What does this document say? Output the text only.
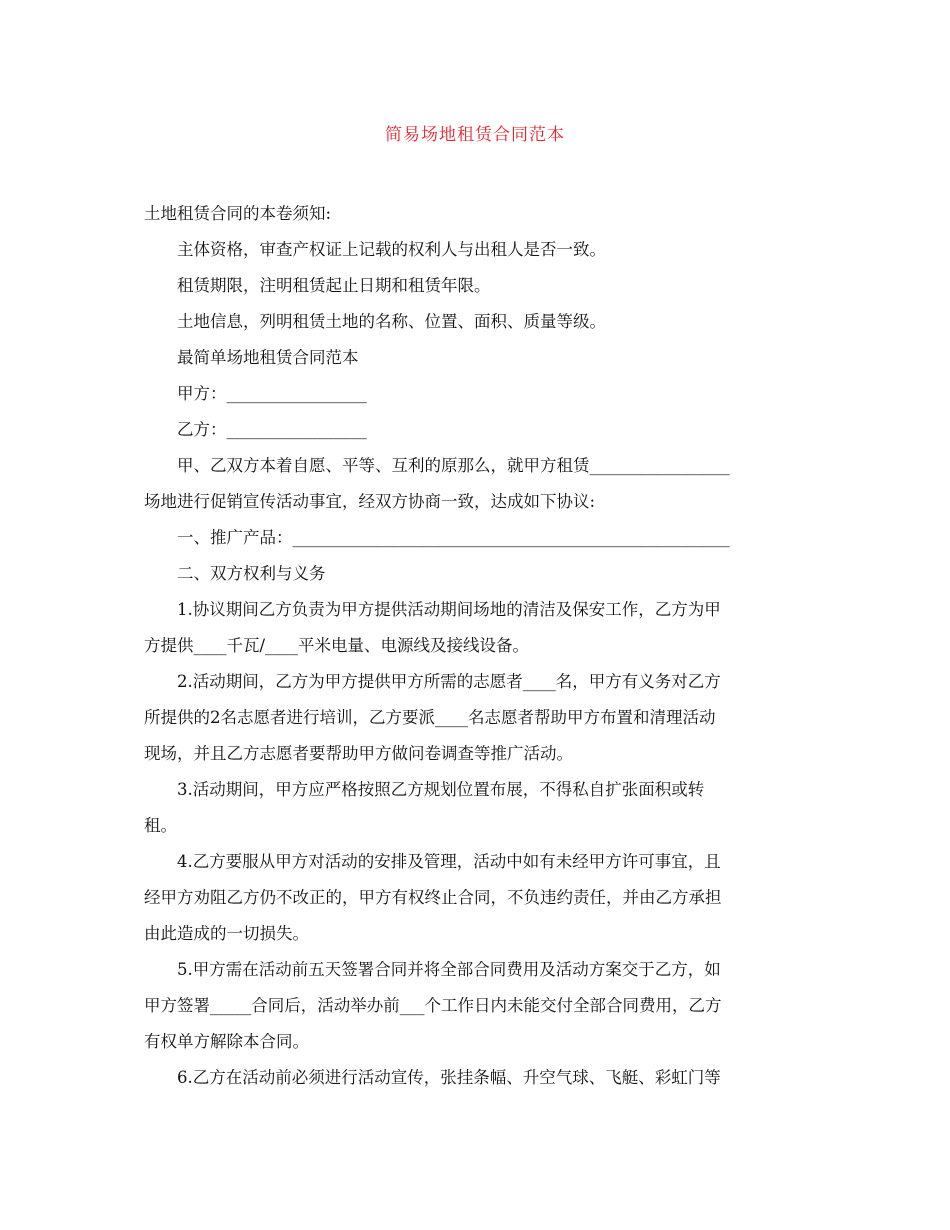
简易场地租赁合同范本

土地租赁合同的本卷须知:

主体资格，审查产权证上记载的权利人与出租人是否一致。

租赁期限，注明租赁起止日期和租赁年限。

土地信息，列明租赁土地的名称、位置、面积、质量等级。

最简单场地租赁合同范本

甲方：_________________

乙方：_________________

甲、乙双方本着自愿、平等、互利的原那么，就甲方租赁_________________

场地进行促销宣传活动事宜，经双方协商一致，达成如下协议:

一、推广产品：_____________________________________________________

二、双方权利与义务

1.协议期间乙方负责为甲方提供活动期间场地的清洁及保安工作，乙方为甲

方提供____千瓦/____平米电量、电源线及接线设备。

2.活动期间，乙方为甲方提供甲方所需的志愿者____名，甲方有义务对乙方

所提供的2名志愿者进行培训，乙方要派____名志愿者帮助甲方布置和清理活动

现场，并且乙方志愿者要帮助甲方做问卷调查等推广活动。

3.活动期间，甲方应严格按照乙方规划位置布展，不得私自扩张面积或转

租。

4.乙方要服从甲方对活动的安排及管理，活动中如有未经甲方许可事宜，且

经甲方劝阻乙方仍不改正的，甲方有权终止合同，不负违约责任，并由乙方承担

由此造成的一切损失。

5.甲方需在活动前五天签署合同并将全部合同费用及活动方案交于乙方，如

甲方签署_____合同后，活动举办前___个工作日内未能交付全部合同费用，乙方

有权单方解除本合同。

6.乙方在活动前必须进行活动宣传，张挂条幅、升空气球、飞艇、彩虹门等
